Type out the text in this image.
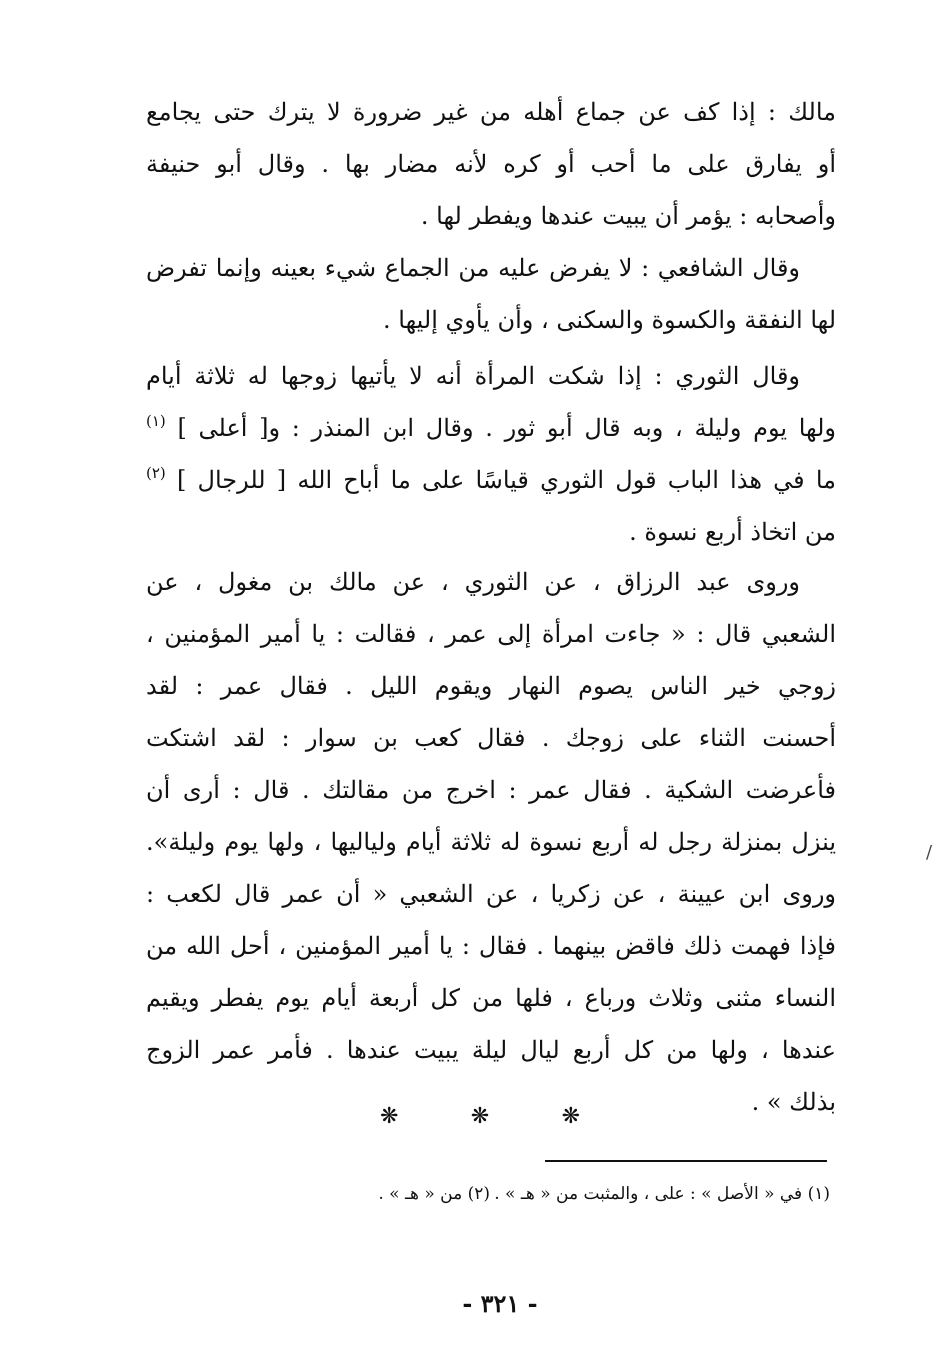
مالك : إذا كف عن جماع أهله من غير ضرورة لا يترك حتى يجامع
أو يفارق على ما أحب أو كره لأنه مضار بها . وقال أبو حنيفة
وأصحابه : يؤمر أن يبيت عندها ويفطر لها .
وقال الشافعي : لا يفرض عليه من الجماع شيء بعينه وإنما تفرض
لها النفقة والكسوة والسكنى ، وأن يأوي إليها .
وقال الثوري : إذا شكت المرأة أنه لا يأتيها زوجها له ثلاثة أيام
ولها يوم وليلة ، وبه قال أبو ثور . وقال ابن المنذر : و[ أعلى ] $^{(١)}$
ما في هذا الباب قول الثوري قياسًا على ما أباح الله [ للرجال ] $^{(٢)}$
من اتخاذ أربع نسوة .
وروى عبد الرزاق ، عن الثوري ، عن مالك بن مغول ، عن
الشعبي قال : « جاءت امرأة إلى عمر ، فقالت : يا أمير المؤمنين ،
زوجي خير الناس يصوم النهار ويقوم الليل . فقال عمر : لقد
أحسنت الثناء على زوجك . فقال كعب بن سوار : لقد اشتكت
فأعرضت الشكية . فقال عمر : اخرج من مقالتك . قال : أرى أن
ينزل بمنزلة رجل له أربع نسوة له ثلاثة أيام ولياليها ، ولها يوم وليلة».
وروى ابن عيينة ، عن زكريا ، عن الشعبي « أن عمر قال لكعب :
فإذا فهمت ذلك فاقض بينهما . فقال : يا أمير المؤمنين ، أحل الله من
النساء مثنى وثلاث ورباع ، فلها من كل أربعة أيام يوم يفطر ويقيم
عندها ، ولها من كل أربع ليال ليلة يبيت عندها . فأمر عمر الزوج
بذلك » .
❋
❋
❋
(١) في « الأصل » : على ، والمثبت من « هـ » .
(٢) من « هـ » .
- ٣٢١ -
/
